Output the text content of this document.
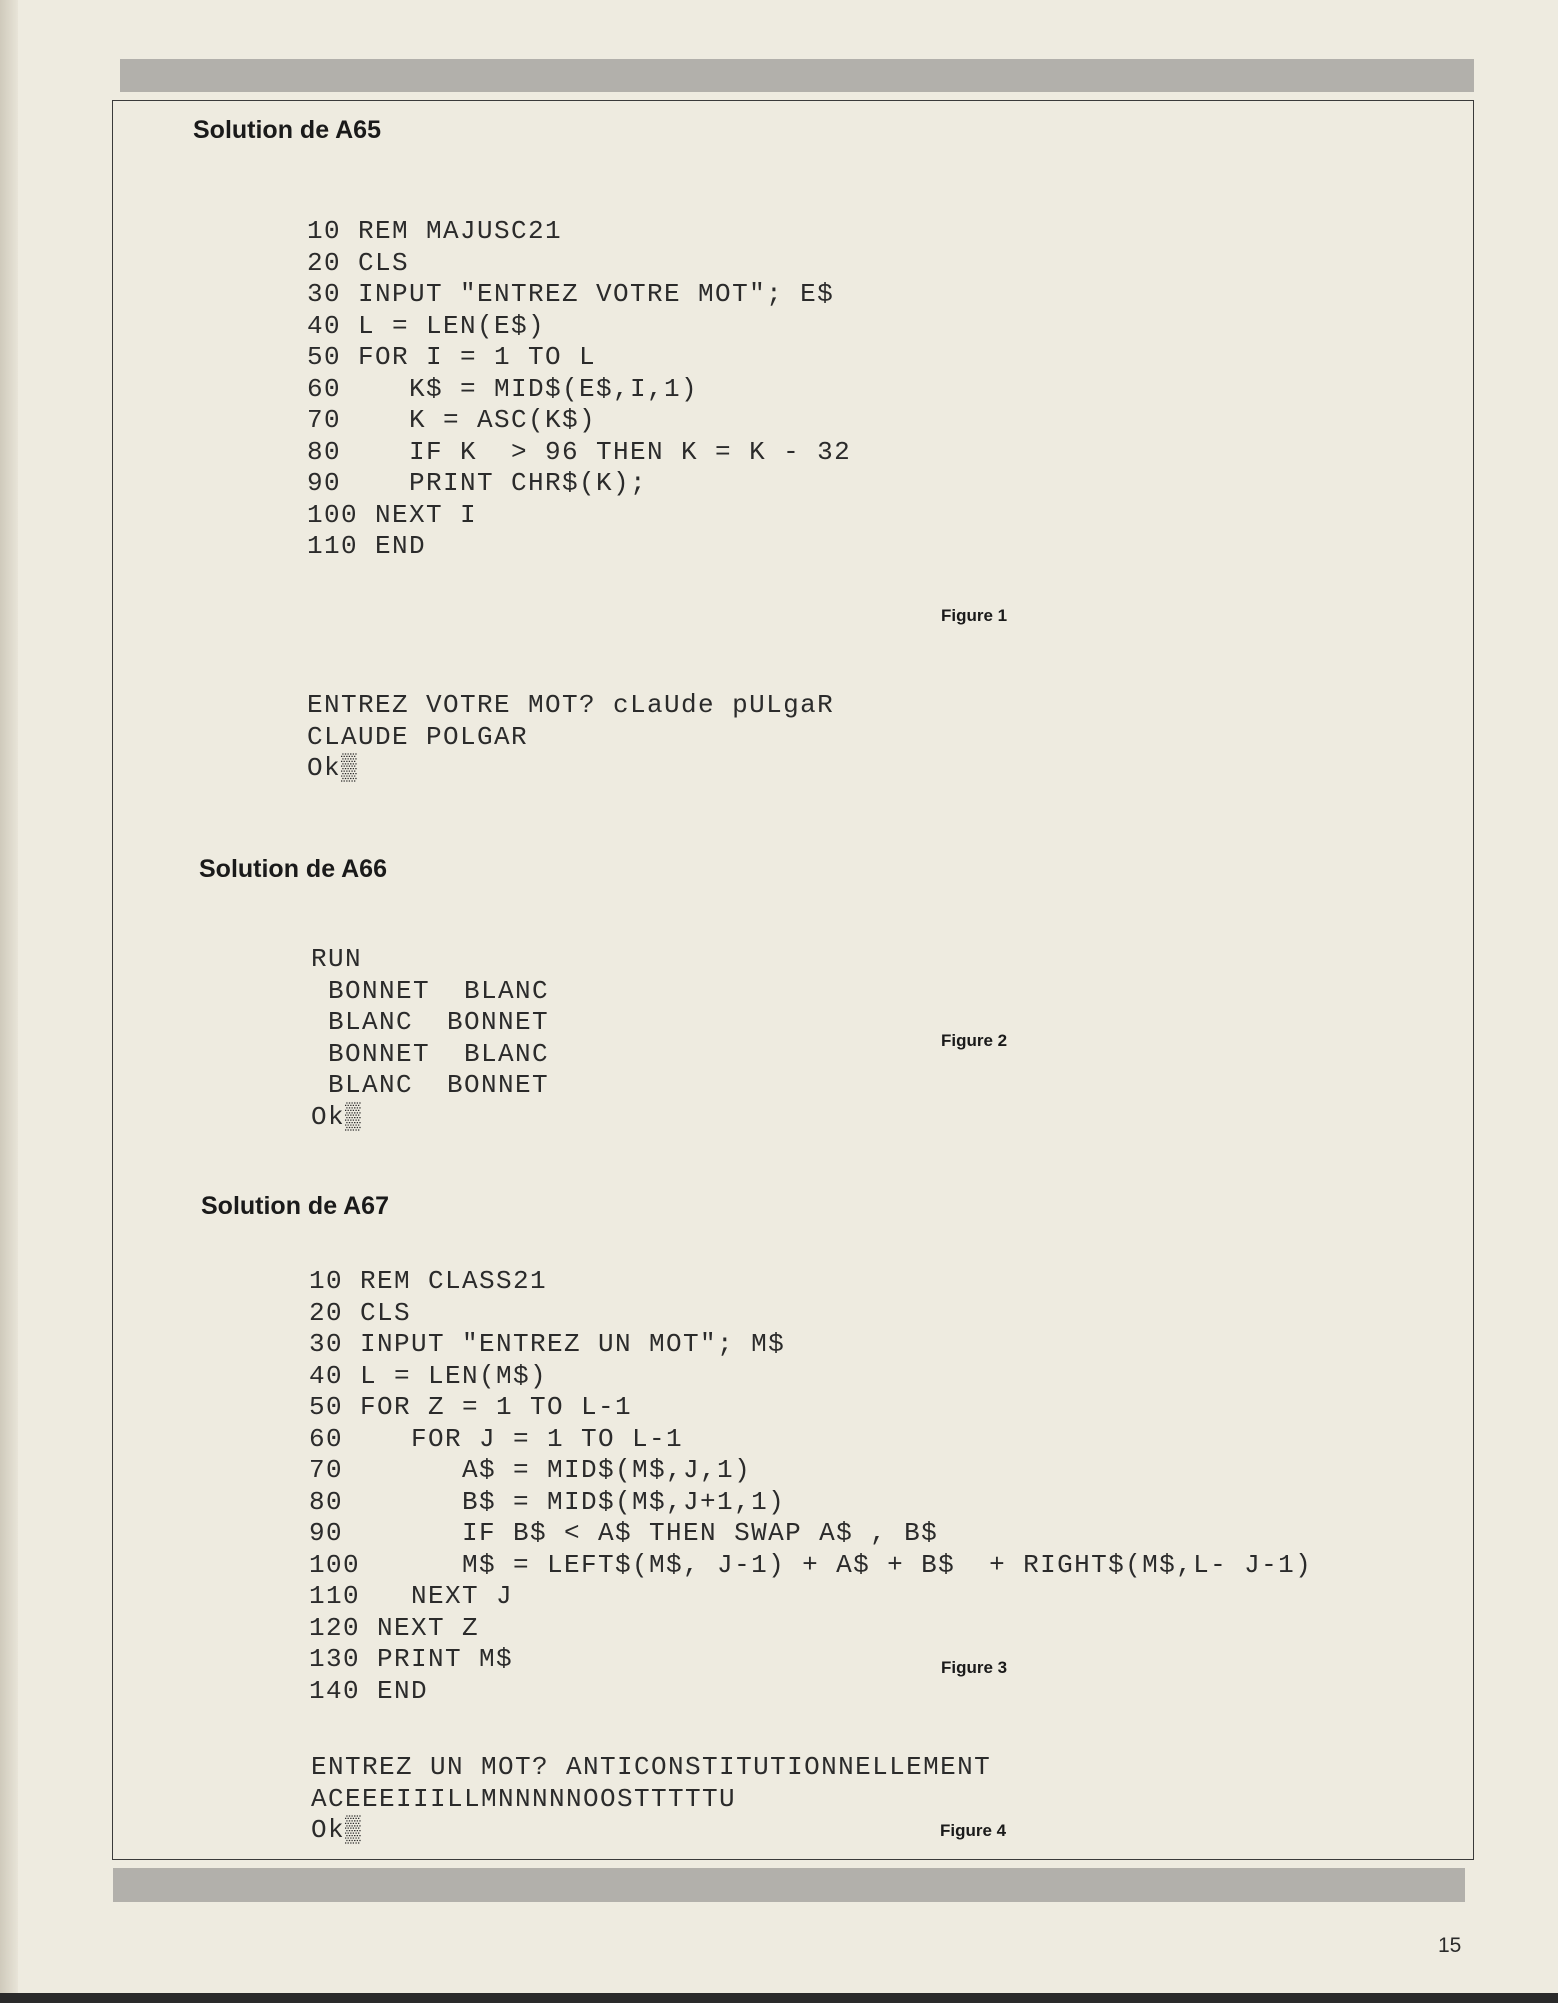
Solution de A65
10 REM MAJUSC21
20 CLS
30 INPUT "ENTREZ VOTRE MOT"; E$
40 L = LEN(E$)
50 FOR I = 1 TO L
60    K$ = MID$(E$,I,1)
70    K = ASC(K$)
80    IF K  > 96 THEN K = K - 32
90    PRINT CHR$(K);
100 NEXT I
110 END
Figure 1
ENTREZ VOTRE MOT? cLaUde pULgaR
CLAUDE POLGAR
Ok▒
Solution de A66
RUN
BONNET  BLANC
BLANC  BONNET
BONNET  BLANC
BLANC  BONNET
Ok▒
Figure 2
Solution de A67
10 REM CLASS21
20 CLS
30 INPUT "ENTREZ UN MOT"; M$
40 L = LEN(M$)
50 FOR Z = 1 TO L-1
60    FOR J = 1 TO L-1
70       A$ = MID$(M$,J,1)
80       B$ = MID$(M$,J+1,1)
90       IF B$ < A$ THEN SWAP A$ , B$
100      M$ = LEFT$(M$, J-1) + A$ + B$  + RIGHT$(M$,L- J-1)
110   NEXT J
120 NEXT Z
130 PRINT M$
140 END
Figure 3
ENTREZ UN MOT? ANTICONSTITUTIONNELLEMENT
ACEEEIIILLMNNNNNOOSTTTTTU
Ok▒	Figure 4
15
